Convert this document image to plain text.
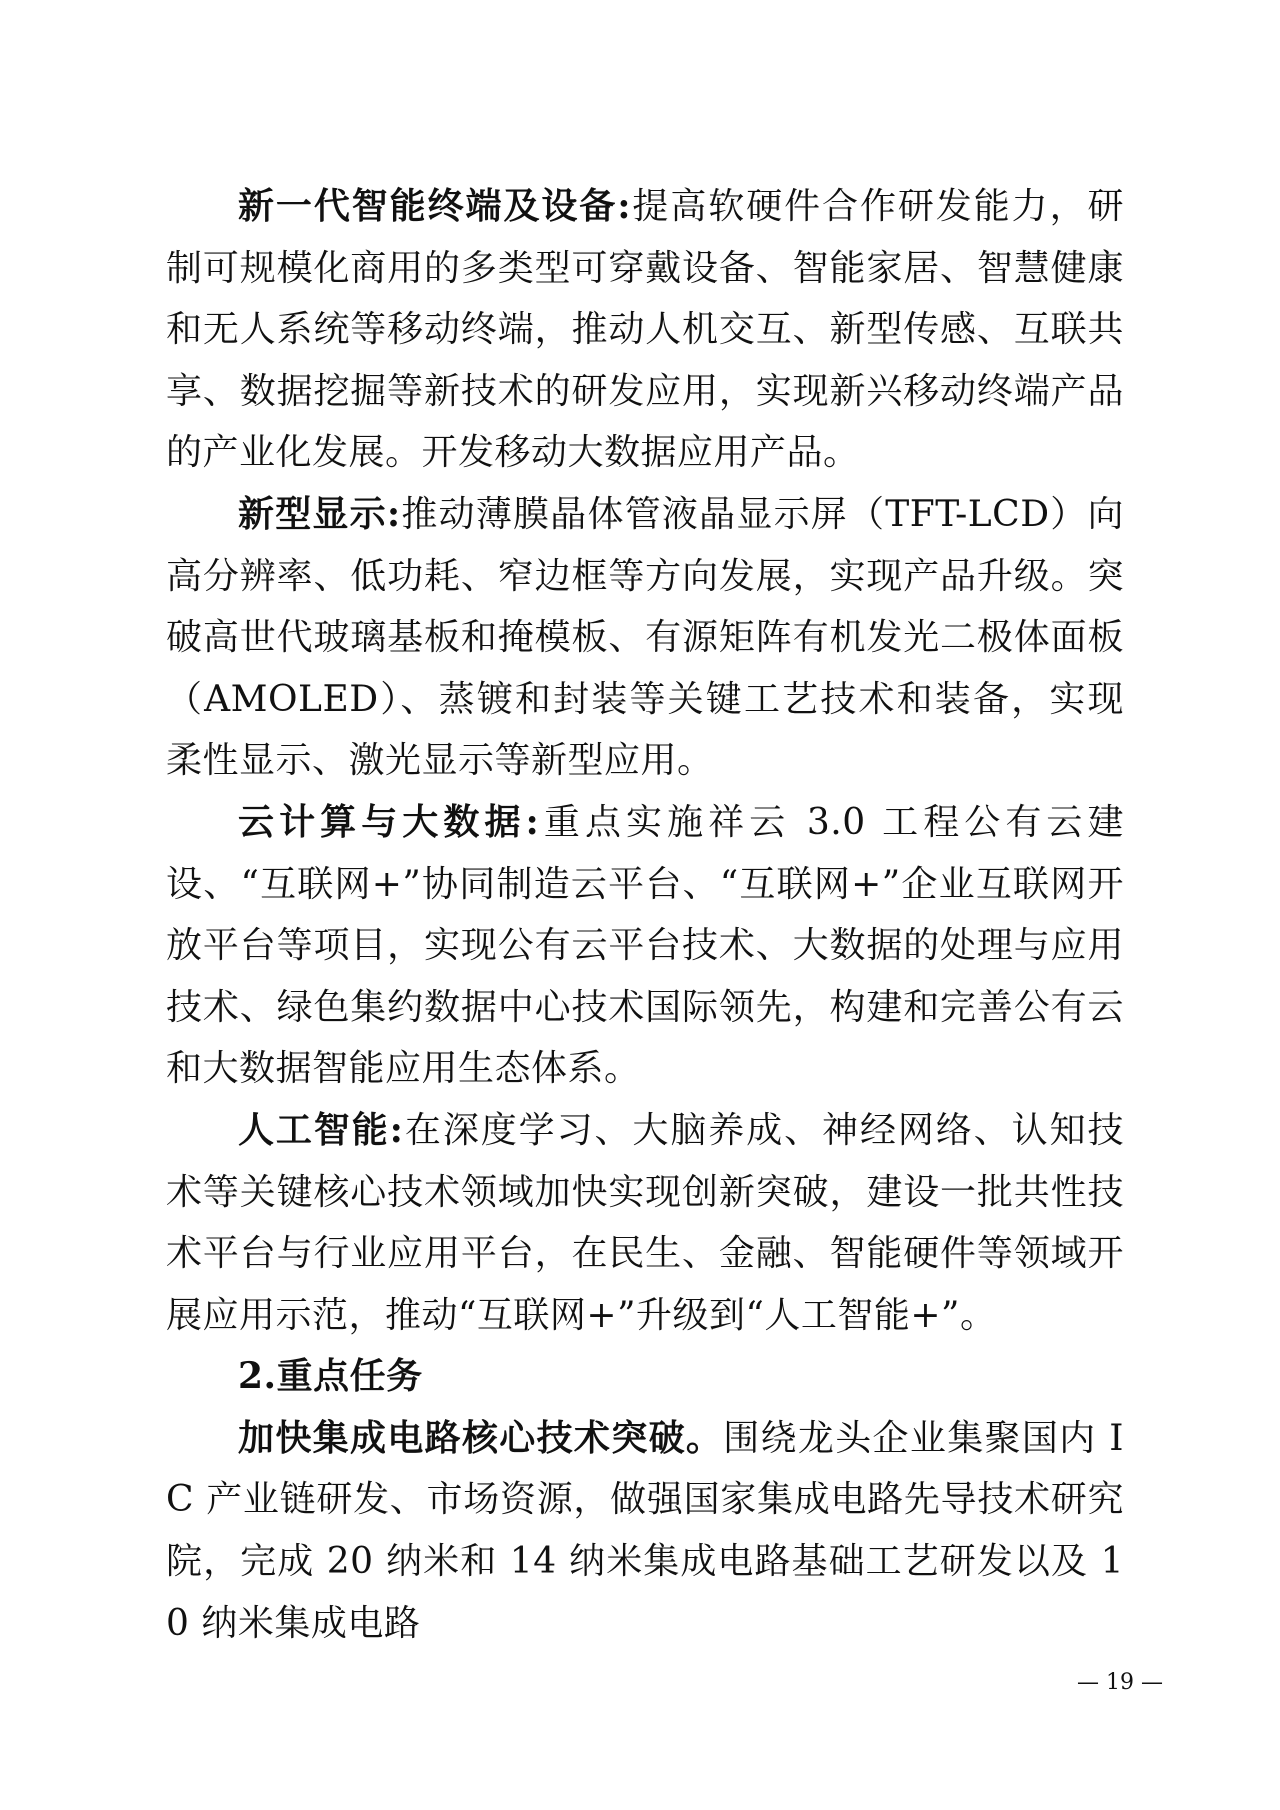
新一代智能终端及设备:提高软硬件合作研发能力，研制可规模化商用的多类型可穿戴设备、智能家居、智慧健康和无人系统等移动终端，推动人机交互、新型传感、互联共享、数据挖掘等新技术的研发应用，实现新兴移动终端产品的产业化发展。开发移动大数据应用产品。

新型显示:推动薄膜晶体管液晶显示屏（TFT-LCD）向高分辨率、低功耗、窄边框等方向发展，实现产品升级。突破高世代玻璃基板和掩模板、有源矩阵有机发光二极体面板（AMOLED）、蒸镀和封装等关键工艺技术和装备，实现柔性显示、激光显示等新型应用。

云计算与大数据:重点实施祥云 3.0 工程公有云建设、“互联网+”协同制造云平台、“互联网+”企业互联网开放平台等项目，实现公有云平台技术、大数据的处理与应用技术、绿色集约数据中心技术国际领先，构建和完善公有云和大数据智能应用生态体系。

人工智能:在深度学习、大脑养成、神经网络、认知技术等关键核心技术领域加快实现创新突破，建设一批共性技术平台与行业应用平台，在民生、金融、智能硬件等领域开展应用示范，推动“互联网+”升级到“人工智能+”。

2.重点任务

加快集成电路核心技术突破。围绕龙头企业集聚国内 IC 产业链研发、市场资源，做强国家集成电路先导技术研究院，完成 20 纳米和 14 纳米集成电路基础工艺研发以及 10 纳米集成电路

— 19 —
